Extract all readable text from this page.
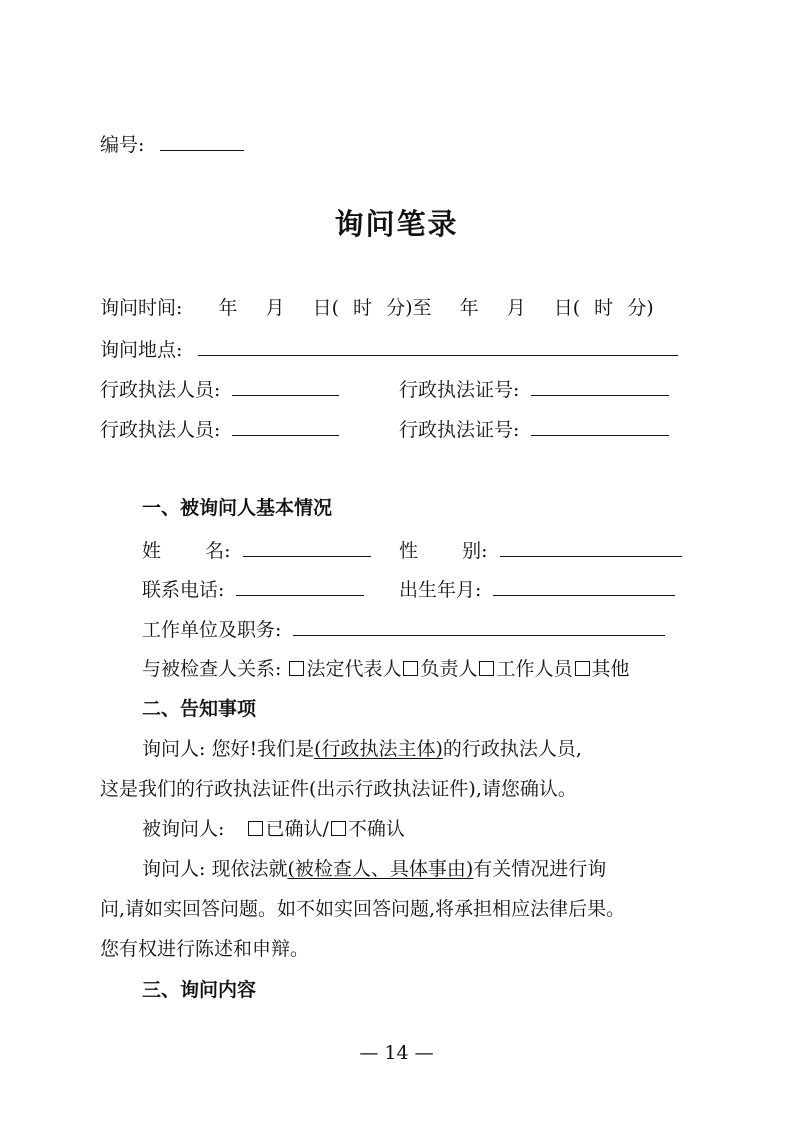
编号:
询问笔录
询问时间: 年 月 日( 时 分)至 年 月 日( 时 分)
询问地点:
行政执法人员:	行政执法证号:
行政执法人员:	行政执法证号:
一、被询问人基本情况
姓 名:	性 别:
联系电话:	出生年月:
工作单位及职务:
与被检查人关系: 法定代表人 负责人 工作人员 其他
二、告知事项
询问人: 您好!我们是(行政执法主体)的行政执法人员,
这是我们的行政执法证件(出示行政执法证件),请您确认。
被询问人: 已确认/ 不确认
询问人: 现依法就(被检查人、具体事由)有关情况进行询
问,请如实回答问题。如不如实回答问题,将承担相应法律后果。
您有权进行陈述和申辩。
三、询问内容
— 14 —
